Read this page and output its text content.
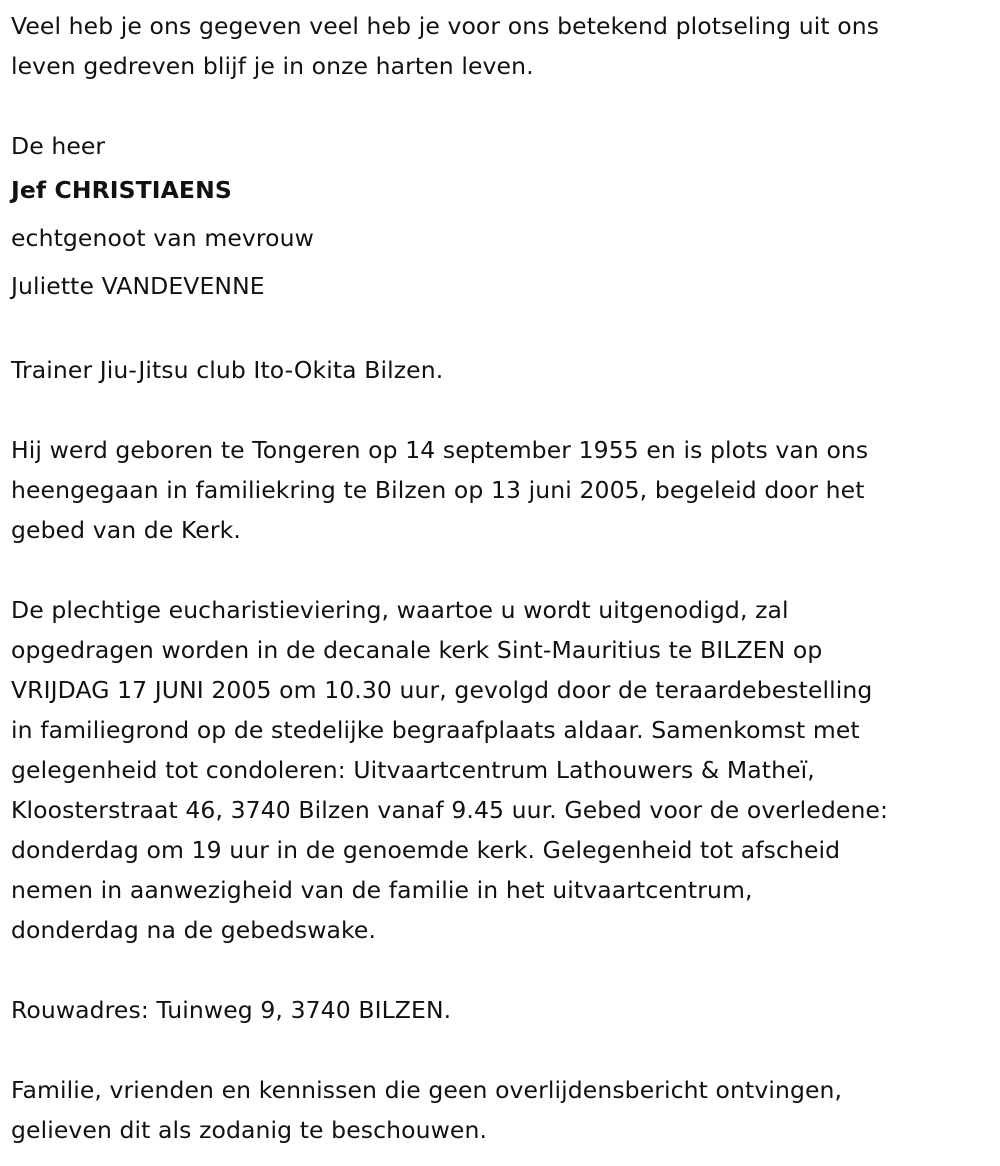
Veel heb je ons gegeven veel heb je voor ons betekend plotseling uit ons
leven gedreven blijf je in onze harten leven.

De heer
Jef CHRISTIAENS
echtgenoot van mevrouw
Juliette VANDEVENNE

Trainer Jiu-Jitsu club Ito-Okita Bilzen.

Hij werd geboren te Tongeren op 14 september 1955 en is plots van ons
heengegaan in familiekring te Bilzen op 13 juni 2005, begeleid door het
gebed van de Kerk.

De plechtige eucharistieviering, waartoe u wordt uitgenodigd, zal
opgedragen worden in de decanale kerk Sint-Mauritius te BILZEN op
VRIJDAG 17 JUNI 2005 om 10.30 uur, gevolgd door de teraardebestelling
in familiegrond op de stedelijke begraafplaats aldaar. Samenkomst met
gelegenheid tot condoleren: Uitvaartcentrum Lathouwers & Matheï,
Kloosterstraat 46, 3740 Bilzen vanaf 9.45 uur. Gebed voor de overledene:
donderdag om 19 uur in de genoemde kerk. Gelegenheid tot afscheid
nemen in aanwezigheid van de familie in het uitvaartcentrum,
donderdag na de gebedswake.

Rouwadres: Tuinweg 9, 3740 BILZEN.

Familie, vrienden en kennissen die geen overlijdensbericht ontvingen,
gelieven dit als zodanig te beschouwen.
